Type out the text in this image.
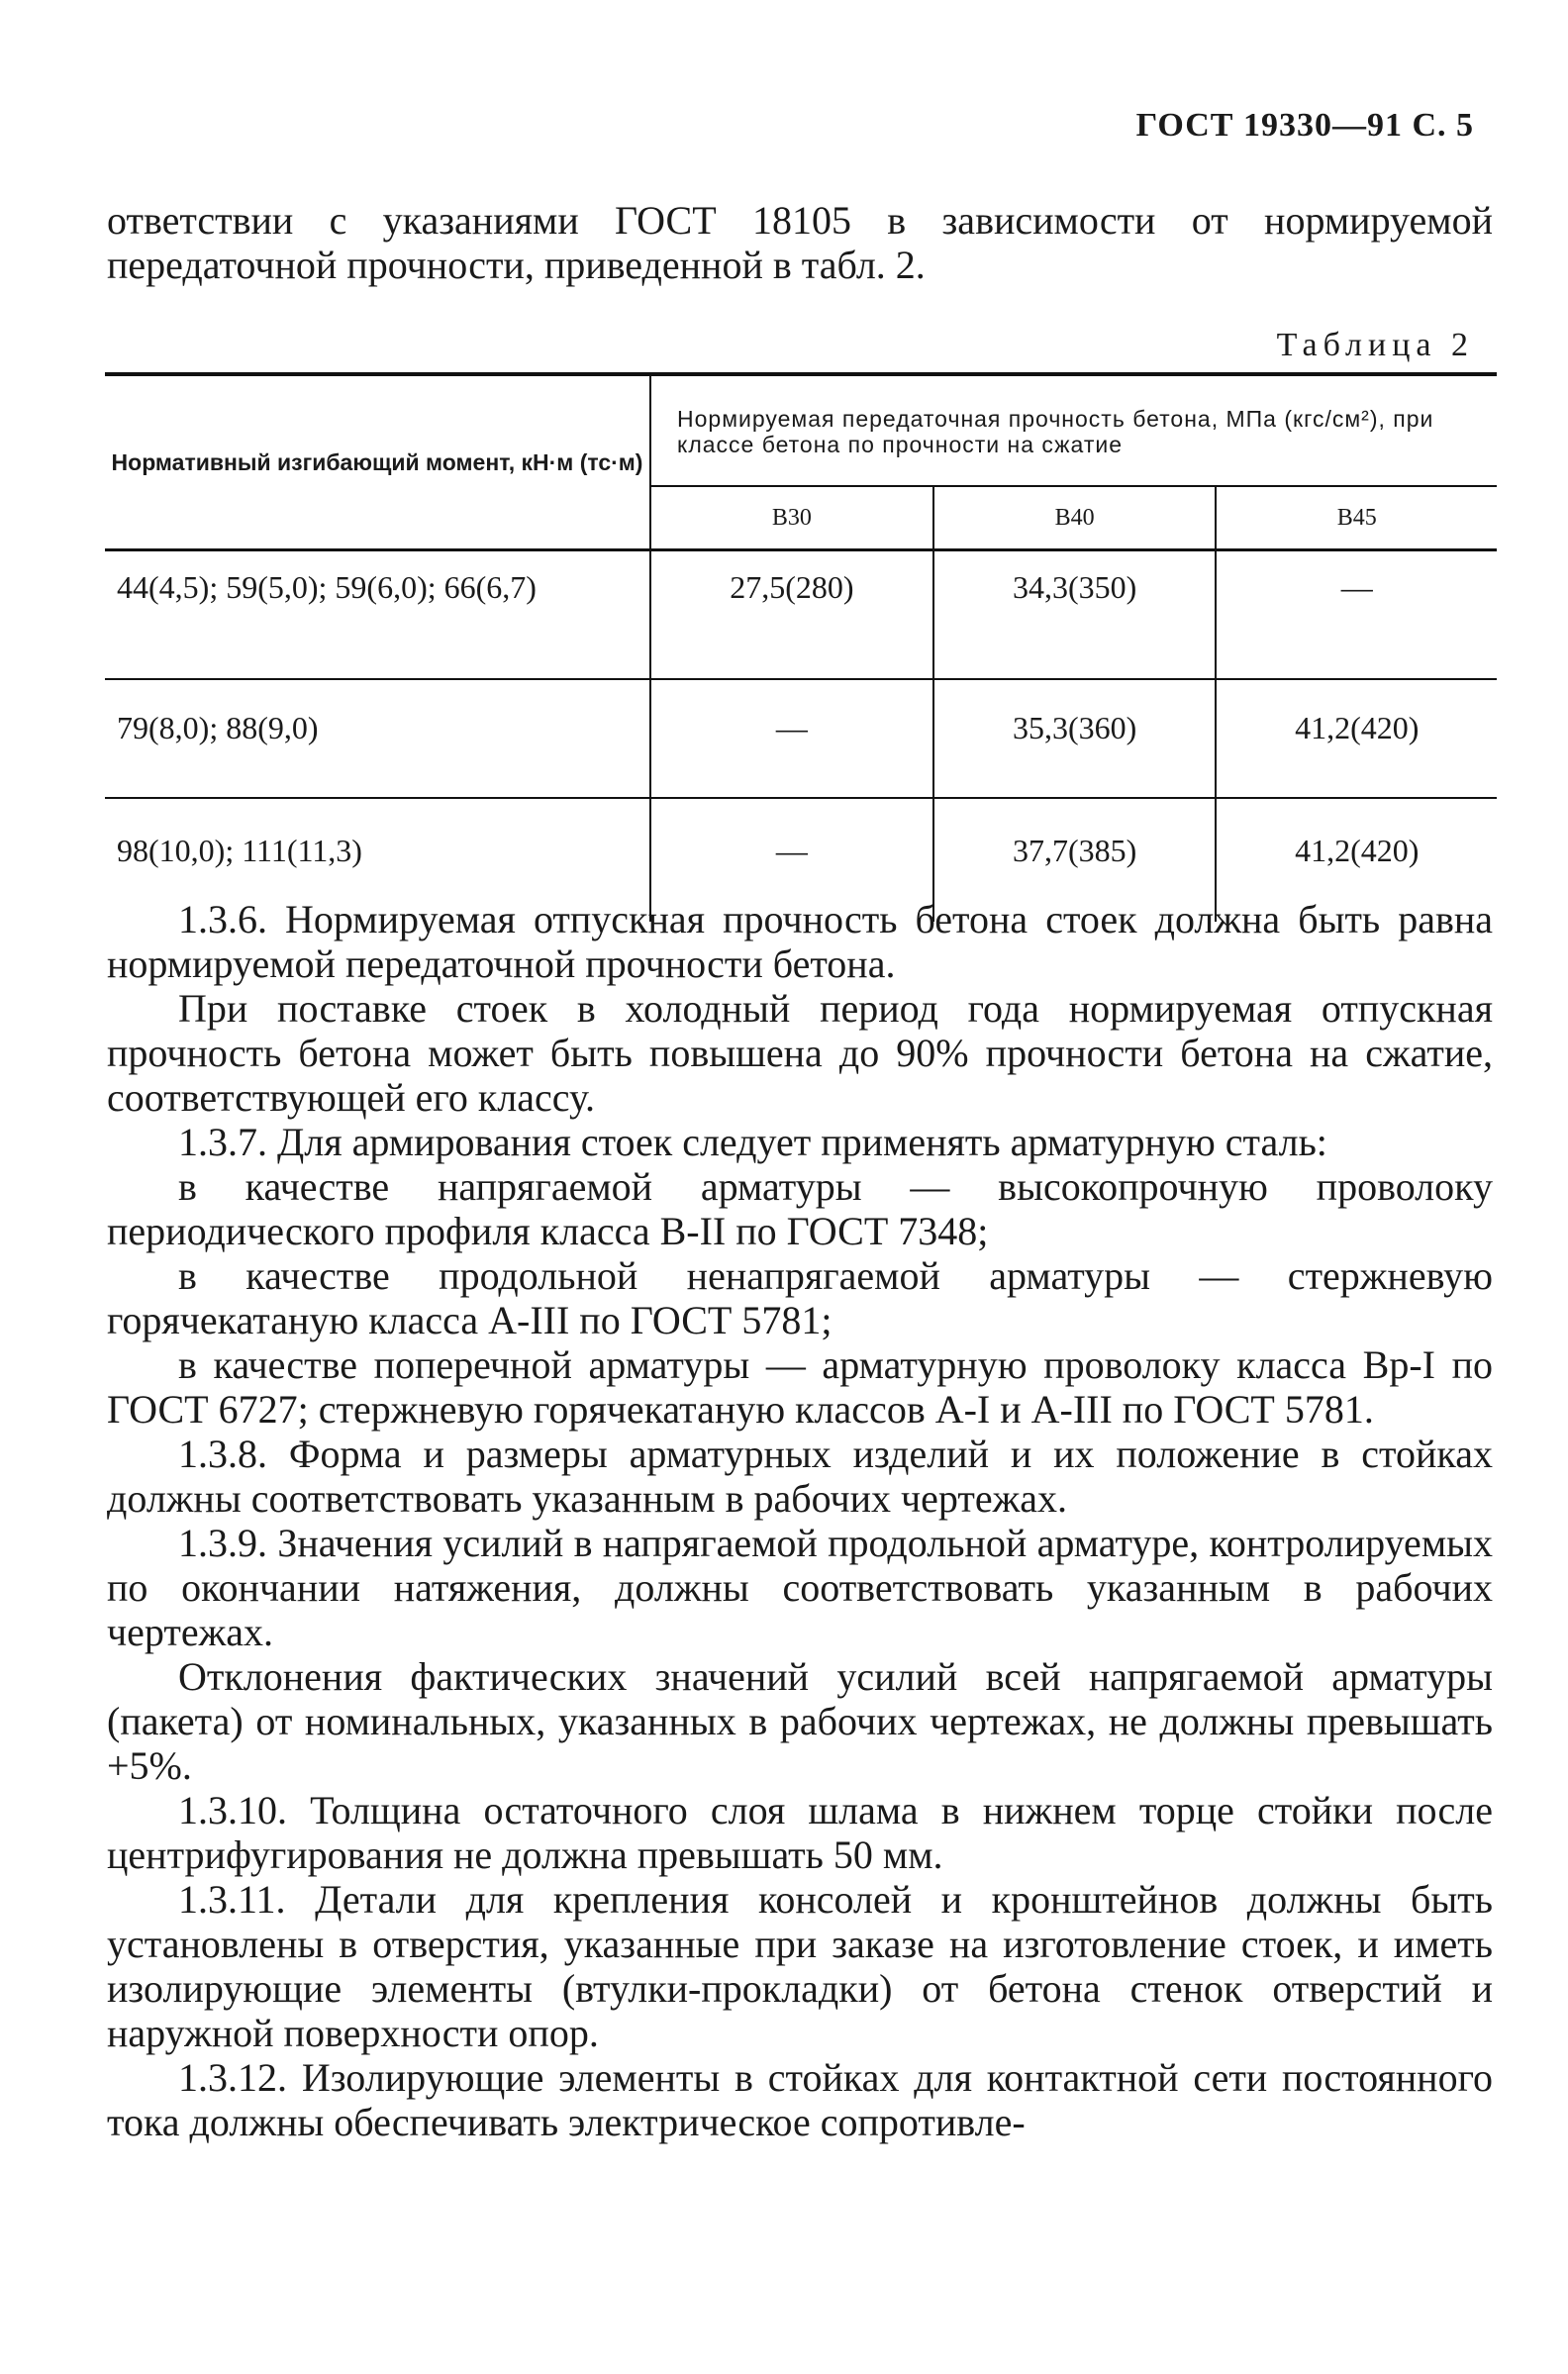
ГОСТ 19330—91 С. 5

ответствии с указаниями ГОСТ 18105 в зависимости от нормируемой передаточной прочности, приведенной в табл. 2.

Таблица 2
Нормативный изгибающий момент, кН·м (тс·м)	Нормируемая передаточная прочность бетона, МПа (кгс/см²), при классе бетона по прочности на сжатие		
	В30	В40	В45
44(4,5); 59(5,0); 59(6,0); 66(6,7)	27,5(280)	34,3(350)	—
79(8,0); 88(9,0)	—	35,3(360)	41,2(420)
98(10,0); 111(11,3)	—	37,7(385)	41,2(420)

1.3.6. Нормируемая отпускная прочность бетона стоек должна быть равна нормируемой передаточной прочности бетона.

При поставке стоек в холодный период года нормируемая отпускная прочность бетона может быть повышена до 90% прочности бетона на сжатие, соответствующей его классу.

1.3.7. Для армирования стоек следует применять арматурную сталь:

в качестве напрягаемой арматуры — высокопрочную проволоку периодического профиля класса В-II по ГОСТ 7348;

в качестве продольной ненапрягаемой арматуры — стержневую горячекатаную класса А-III по ГОСТ 5781;

в качестве поперечной арматуры — арматурную проволоку класса Вр-I по ГОСТ 6727; стержневую горячекатаную классов А-I и А-III по ГОСТ 5781.

1.3.8. Форма и размеры арматурных изделий и их положение в стойках должны соответствовать указанным в рабочих чертежах.

1.3.9. Значения усилий в напрягаемой продольной арматуре, контролируемых по окончании натяжения, должны соответствовать указанным в рабочих чертежах.

Отклонения фактических значений усилий всей напрягаемой арматуры (пакета) от номинальных, указанных в рабочих чертежах, не должны превышать +5%.

1.3.10. Толщина остаточного слоя шлама в нижнем торце стойки после центрифугирования не должна превышать 50 мм.

1.3.11. Детали для крепления консолей и кронштейнов должны быть установлены в отверстия, указанные при заказе на изготовление стоек, и иметь изолирующие элементы (втулки-прокладки) от бетона стенок отверстий и наружной поверхности опор.

1.3.12. Изолирующие элементы в стойках для контактной сети постоянного тока должны обеспечивать электрическое сопротивле-
